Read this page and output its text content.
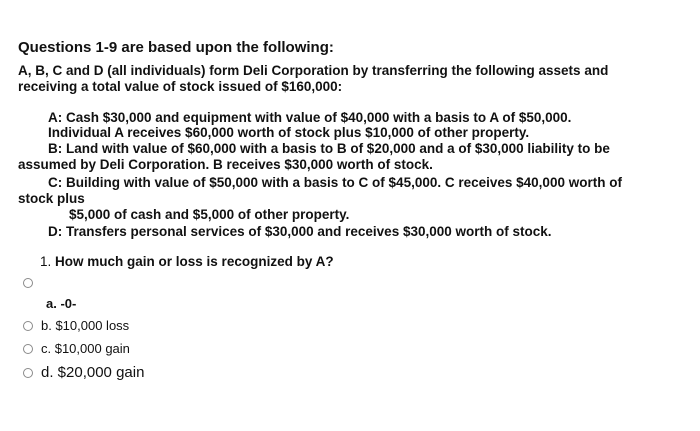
Questions 1-9 are based upon the following:
A, B, C and D (all individuals) form Deli Corporation by transferring the following assets and
receiving a total value of stock issued of $160,000:
A: Cash $30,000 and equipment with value of $40,000 with a basis to A of $50,000.
Individual A receives $60,000 worth of stock plus $10,000 of other property.
B: Land with value of $60,000 with a basis to B of $20,000 and a of $30,000 liability to be
assumed by Deli Corporation. B receives $30,000 worth of stock.
C: Building with value of $50,000 with a basis to C of $45,000. C receives $40,000 worth of
stock plus
$5,000 of cash and $5,000 of other property.
D: Transfers personal services of $30,000 and receives $30,000 worth of stock.
1. How much gain or loss is recognized by A?
a. -0-
b. $10,000 loss
c. $10,000 gain
d. $20,000 gain
